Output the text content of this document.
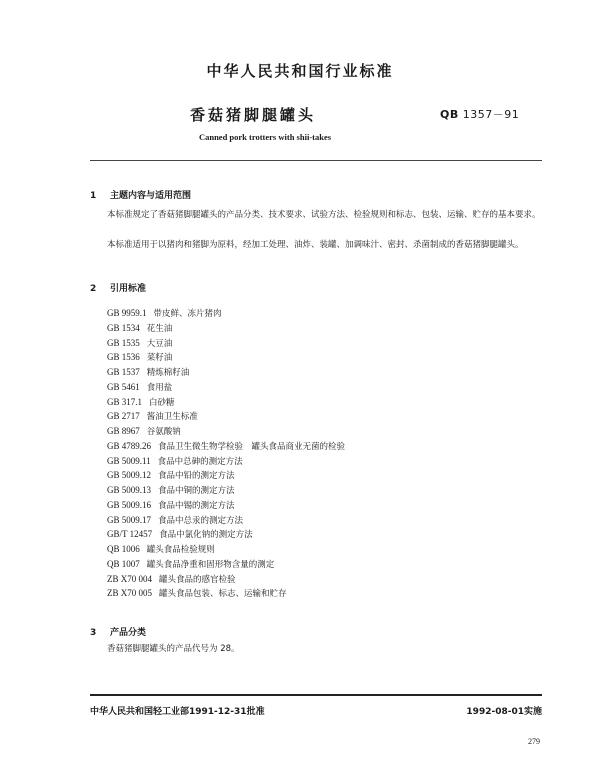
中华人民共和国行业标准
香菇猪脚腿罐头	QB 1357－91
Canned pork trotters with shii-takes
1 主题内容与适用范围
本标准规定了香菇猪脚腿罐头的产品分类、技术要求、试验方法、检验规则和标志、包装、运输、贮存的基本要求。
本标准适用于以猪肉和猪脚为原料，经加工处理、油炸、装罐、加调味汁、密封、杀菌制成的香菇猪脚腿罐头。
2 引用标准
GB 9959.1 带皮鲜、冻片猪肉
GB 1534 花生油
GB 1535 大豆油
GB 1536 菜籽油
GB 1537 精炼棉籽油
GB 5461 食用盐
GB 317.1 白砂糖
GB 2717 酱油卫生标准
GB 8967 谷氨酸钠
GB 4789.26 食品卫生微生物学检验　罐头食品商业无菌的检验
GB 5009.11 食品中总砷的测定方法
GB 5009.12 食品中铅的测定方法
GB 5009.13 食品中铜的测定方法
GB 5009.16 食品中锡的测定方法
GB 5009.17 食品中总汞的测定方法
GB/T 12457 食品中氯化钠的测定方法
QB 1006 罐头食品检验规则
QB 1007 罐头食品净重和固形物含量的测定
ZB X70 004 罐头食品的感官检验
ZB X70 005 罐头食品包装、标志、运输和贮存
3 产品分类
香菇猪脚腿罐头的产品代号为 28。
中华人民共和国轻工业部1991-12-31批准	1992-08-01实施
279
